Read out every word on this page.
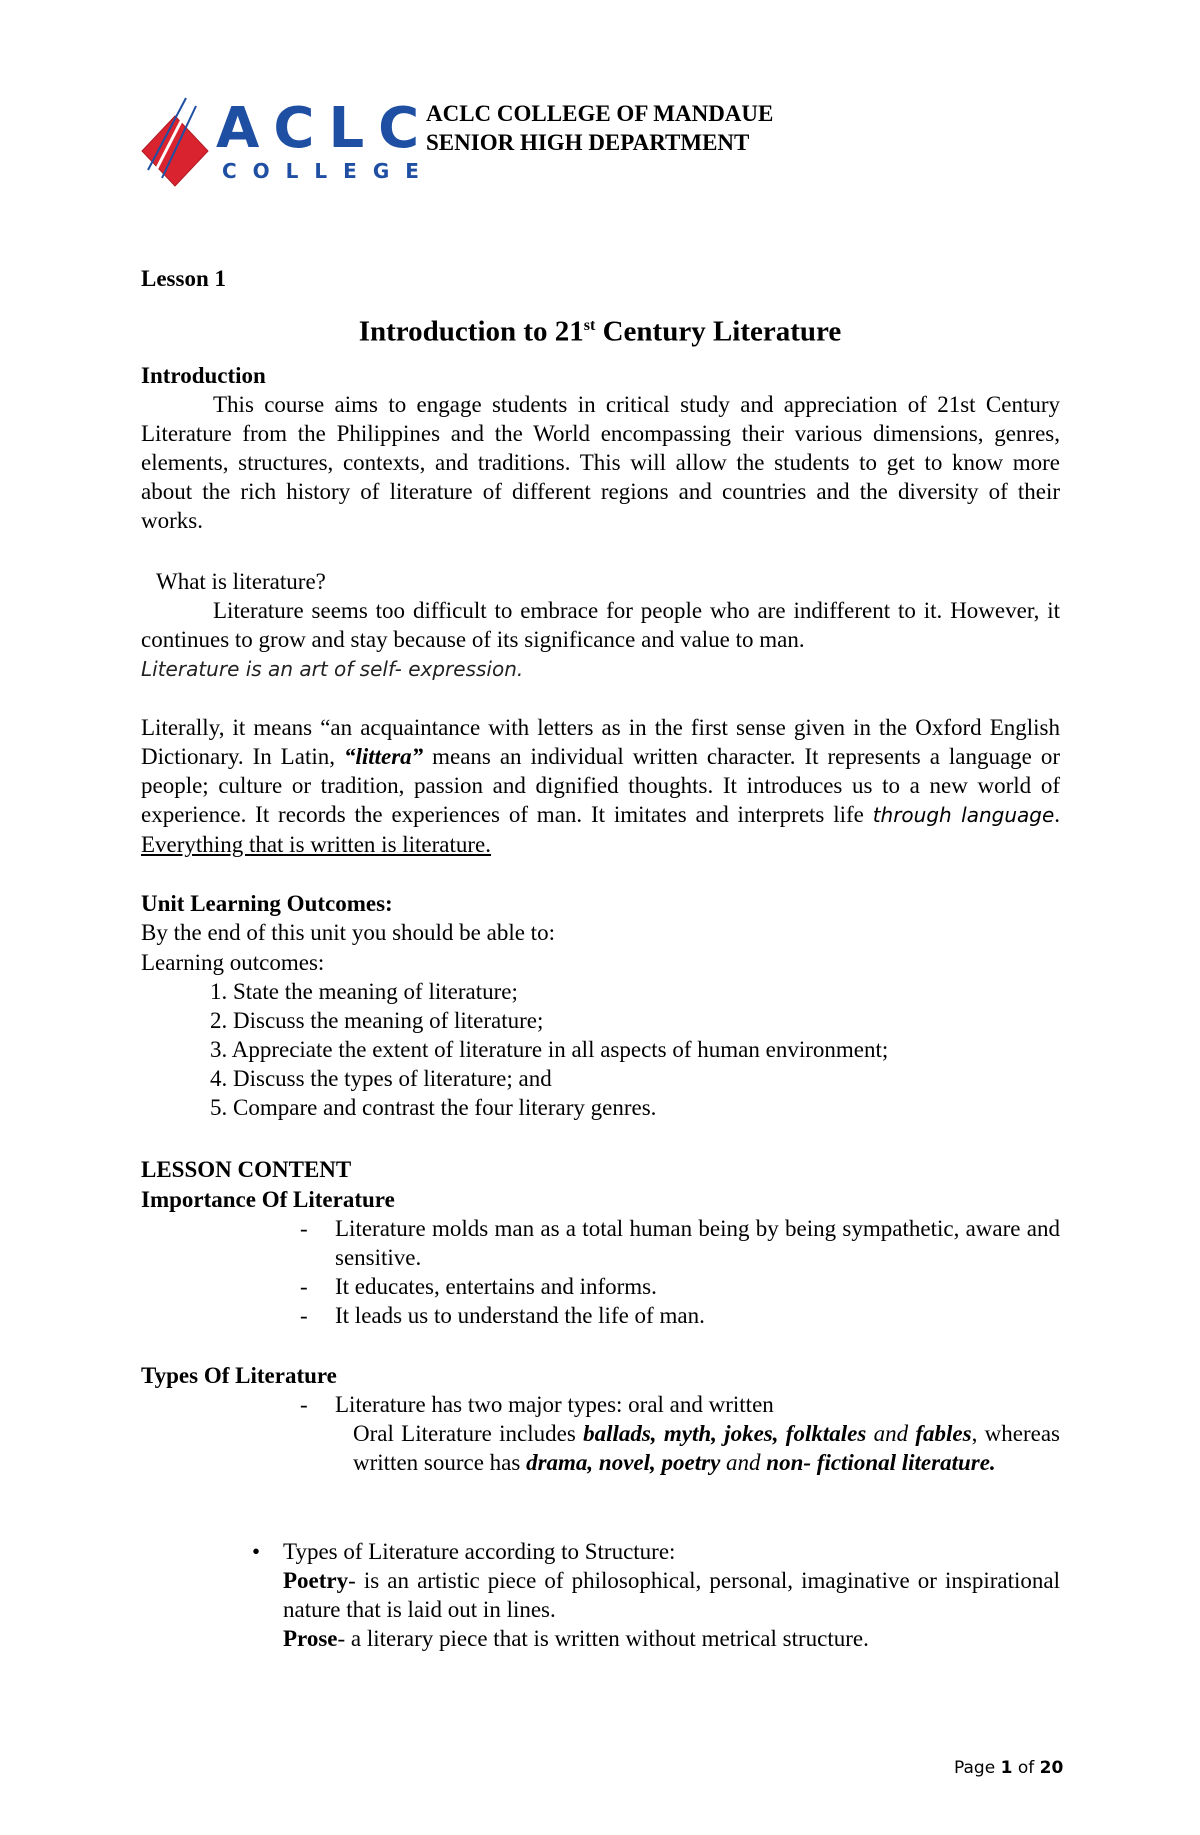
ACLC
COLLEGE
ACLC COLLEGE OF MANDAUE
SENIOR HIGH DEPARTMENT
Lesson 1
Introduction to 21st Century Literature
Introduction
This course aims to engage students in critical study and appreciation of 21st Century Literature from the Philippines and the World encompassing their various dimensions, genres, elements, structures, contexts, and traditions. This will allow the students to get to know more about the rich history of literature of different regions and countries and the diversity of their works.
What is literature?
Literature seems too difficult to embrace for people who are indifferent to it. However, it continues to grow and stay because of its significance and value to man.
Literature is an art of self- expression.
Literally, it means “an acquaintance with letters as in the first sense given in the Oxford English Dictionary. In Latin, “littera” means an individual written character. It represents a language or people; culture or tradition, passion and dignified thoughts. It introduces us to a new world of experience. It records the experiences of man. It imitates and interprets life through language. Everything that is written is literature.
Unit Learning Outcomes:
By the end of this unit you should be able to:
Learning outcomes:
1. State the meaning of literature;
2. Discuss the meaning of literature;
3. Appreciate the extent of literature in all aspects of human environment;
4. Discuss the types of literature; and
5. Compare and contrast the four literary genres.
LESSON CONTENT
Importance Of Literature
- Literature molds man as a total human being by being sympathetic, aware and sensitive.
- It educates, entertains and informs.
- It leads us to understand the life of man.
Types Of Literature
- Literature has two major types: oral and written
Oral Literature includes ballads, myth, jokes, folktales and fables, whereas written source has drama, novel, poetry and non- fictional literature.
• Types of Literature according to Structure:
Poetry- is an artistic piece of philosophical, personal, imaginative or inspirational nature that is laid out in lines.
Prose- a literary piece that is written without metrical structure.
Page 1 of 20
